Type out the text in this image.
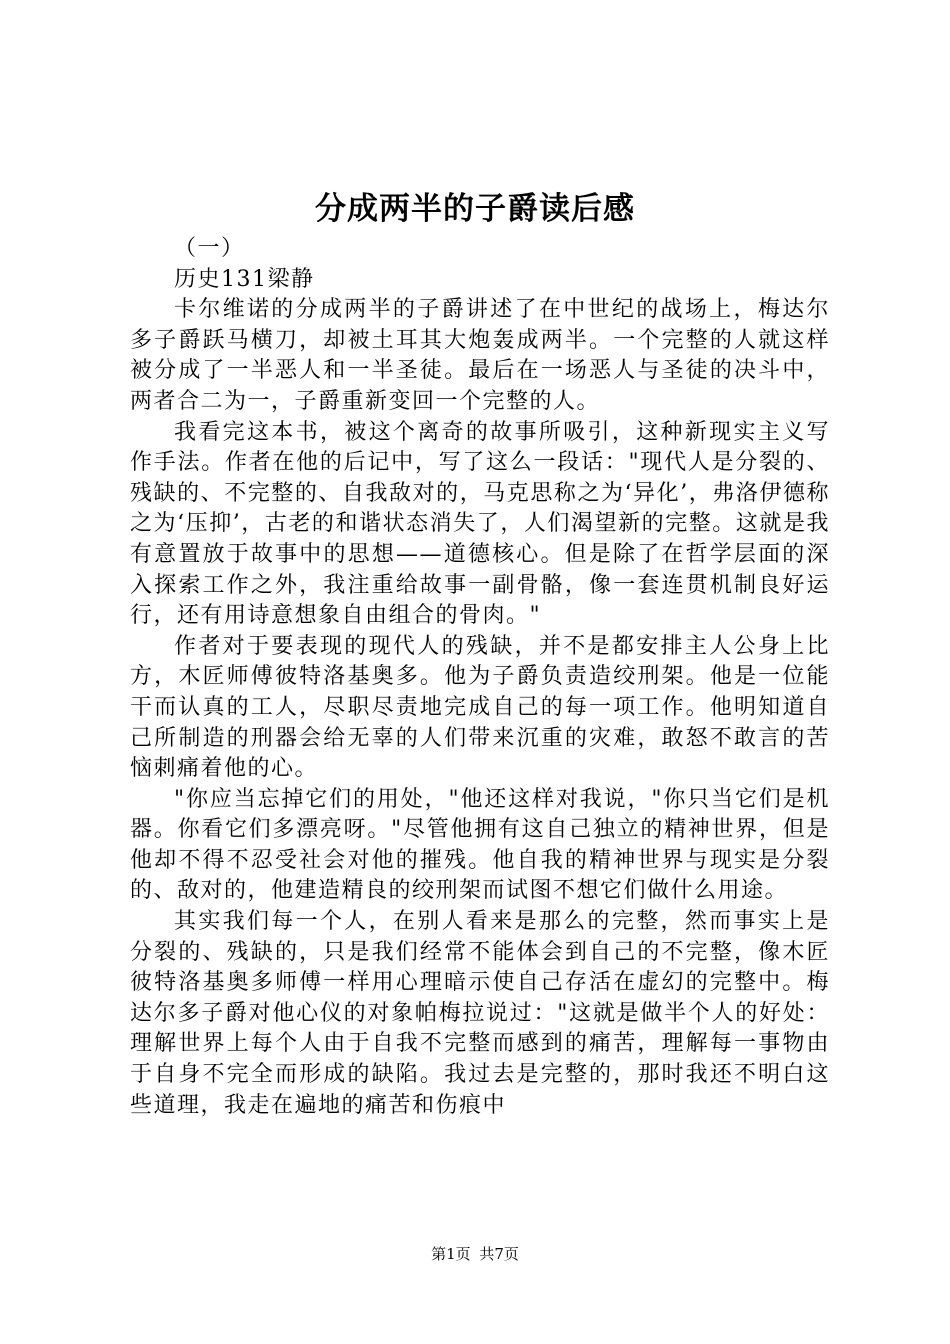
分成两半的子爵读后感

（一）

历史131梁静

卡尔维诺的分成两半的子爵讲述了在中世纪的战场上，梅达尔多子爵跃马横刀，却被土耳其大炮轰成两半。一个完整的人就这样被分成了一半恶人和一半圣徒。最后在一场恶人与圣徒的决斗中，两者合二为一，子爵重新变回一个完整的人。

我看完这本书，被这个离奇的故事所吸引，这种新现实主义写作手法。作者在他的后记中，写了这么一段话："现代人是分裂的、残缺的、不完整的、自我敌对的，马克思称之为‘异化’，弗洛伊德称之为‘压抑’，古老的和谐状态消失了，人们渴望新的完整。这就是我有意置放于故事中的思想——道德核心。但是除了在哲学层面的深入探索工作之外，我注重给故事一副骨骼，像一套连贯机制良好运行，还有用诗意想象自由组合的骨肉。"

作者对于要表现的现代人的残缺，并不是都安排主人公身上比方，木匠师傅彼特洛基奥多。他为子爵负责造绞刑架。他是一位能干而认真的工人，尽职尽责地完成自己的每一项工作。他明知道自己所制造的刑器会给无辜的人们带来沉重的灾难，敢怒不敢言的苦恼刺痛着他的心。

"你应当忘掉它们的用处，"他还这样对我说，"你只当它们是机器。你看它们多漂亮呀。"尽管他拥有这自己独立的精神世界，但是他却不得不忍受社会对他的摧残。他自我的精神世界与现实是分裂的、敌对的，他建造精良的绞刑架而试图不想它们做什么用途。

其实我们每一个人，在别人看来是那么的完整，然而事实上是分裂的、残缺的，只是我们经常不能体会到自己的不完整，像木匠彼特洛基奥多师傅一样用心理暗示使自己存活在虚幻的完整中。梅达尔多子爵对他心仪的对象帕梅拉说过："这就是做半个人的好处：理解世界上每个人由于自我不完整而感到的痛苦，理解每一事物由于自身不完全而形成的缺陷。我过去是完整的，那时我还不明白这些道理，我走在遍地的痛苦和伤痕中

第1页 共7页
